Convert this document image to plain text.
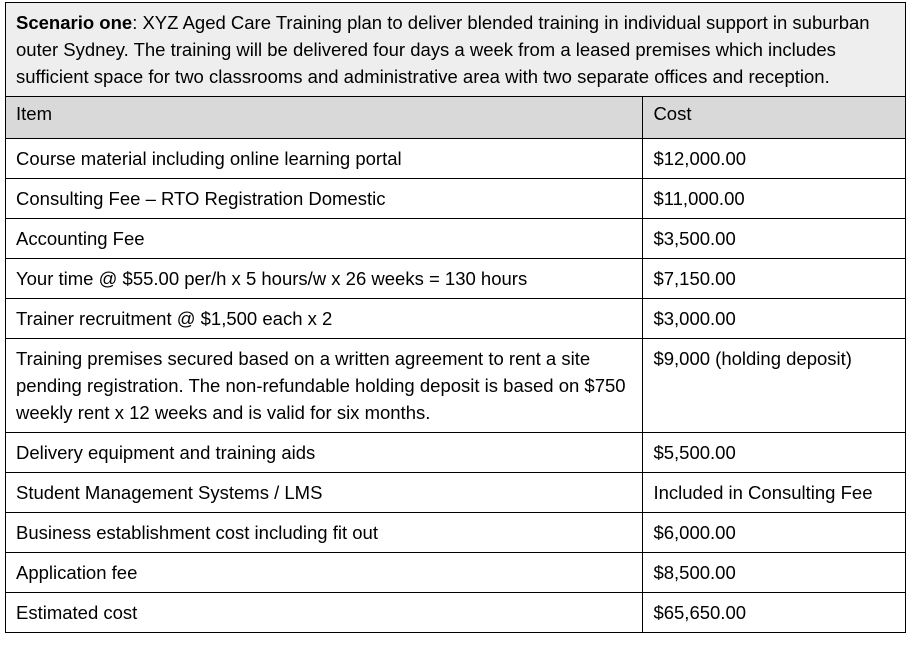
Scenario one: XYZ Aged Care Training plan to deliver blended training in individual support in suburban outer Sydney. The training will be delivered four days a week from a leased premises which includes sufficient space for two classrooms and administrative area with two separate offices and reception.	
Item	Cost
Course material including online learning portal	$12,000.00
Consulting Fee – RTO Registration Domestic	$11,000.00
Accounting Fee	$3,500.00
Your time @ $55.00 per/h x 5 hours/w x 26 weeks = 130 hours	$7,150.00
Trainer recruitment @ $1,500 each x 2	$3,000.00
Training premises secured based on a written agreement to rent a site pending registration. The non-refundable holding deposit is based on $750 weekly rent x 12 weeks and is valid for six months.	$9,000 (holding deposit)
Delivery equipment and training aids	$5,500.00
Student Management Systems / LMS	Included in Consulting Fee
Business establishment cost including fit out	$6,000.00
Application fee	$8,500.00
Estimated cost	$65,650.00
